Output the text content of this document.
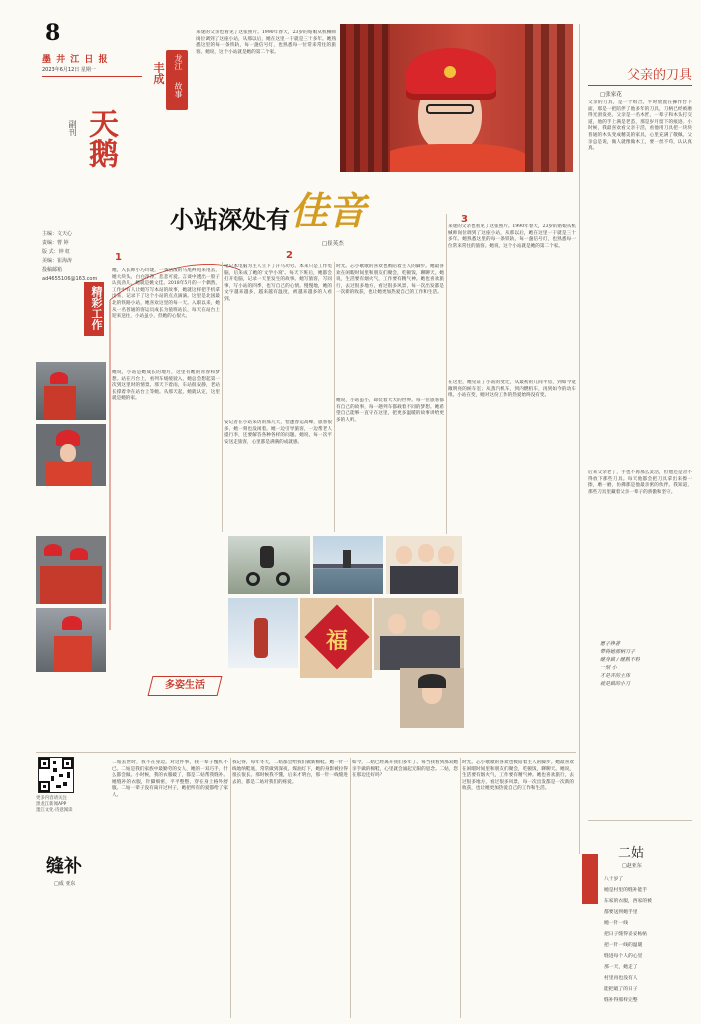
8
墨 井 江 日 报
2023年6月12日 星期一
副刊 天鹅
主编：文天心
责编：曹 婷
版 式：钟 虹
美编：崔海涛
投稿邮箱
ad4655106@163.com
精彩工作
来迷的父亲也看见了这张照片。1990年春天，23岁的姑娘从机械师岗位调到了这座小站，从那以后，她在这里一干就是三十多年。她熟悉这里的每一条铁轨，每一盏信号灯，也熟悉每一位常来常往的旅客。她说，这个小站就是她的第二个家。
丰成 龙江
故事
小站深处有佳音
□崔英杰
1	2
3
她，入长师小巧玲珑，一条活泼的马尾辫甩来甩去，她大块头，白白净净，悲悲可爱。言谈中透出一股子认真劲儿，她就是姚文佳。2018年5月的一个偶然，工作中有人让她写写本站的故事，她就这样把手机拿出来，记录下了这个小站的点点滴滴。这里是北国最北的铁路小站，她喜欢这里的每一天。入职以来，她从一名普通的客运员成长为值班站长，每天在站台上迎来送往，小站虽小，但她的心很大。
她说，小站是她成长的地方，这里有她的青春和梦想。站在月台上，看列车缓缓驶入，她总会想起第一次到这里时的情景。那天下着雨，车站很安静，老站长撑着伞在站台上等她。从那天起，她就认定，这里就是她的家。
笔记本电脑为主人立下了汗马功劳。本来只是工作电脑，后来成了她的‘文学小窝’。每天下班后，她都会打开电脑，记录一天里发生的故事。她写旅客，写同事，写小站的四季，也写自己的心情。慢慢地，她的文字越来越多，越来越有温度，被越来越多的人看到。
安记者在小站采访的那几天，恰逢春运高峰，旅客很多，她一刻也没闲着。她一边引导旅客，一边帮老人提行李，还要解答各种各样的问题。她说，每一次平安送走旅客，心里都是满满的成就感。
时光。芯小歌歌的喜欢也被陪着主人的脚步。她最喜欢在闲暇时间里和朋友们聚会，吃顿饭，聊聊天。她说，生活要有烟火气，工作要有精气神。她也喜欢旅行，去过很多地方，看过很多风景，每一次出发都是一次新的收获，也让她更加热爱自己的工作和生活。
她说，小站虽小，却装着大大的世界。每一位旅客都有自己的故事，每一趟列车都载着不同的梦想。她希望自己能够一直守在这里，把更多温暖的故事讲给更多的人听。
来迷的父亲也看见了这张照片。1990年春天，23岁的姑娘从机械师岗位调到了这座小站，从那以后，她在这里一干就是三十多年。她熟悉这里的每一条铁轨，每一盏信号灯，也熟悉每一位常来常往的旅客。她说，这个小站就是她的第二个家。
在这里，她见证了小站的变迁，从最初的几间平房，到如今宽敞明亮的候车室；从蒸汽机车，到内燃机车，再到如今的动车组。小站在变，她对这份工作的热爱始终没有变。
福
多姿生活
父亲的刀具
□张家花
父亲的刀具，是一个组合。平时放置在操作台下面，那是一把陪伴了他多年的刀具，刀柄已经被磨得光滑发亮。父亲是一名木匠，一辈子和木头打交道，他的手上满是老茧，那是岁月留下的痕迹。小时候，我最喜欢看父亲干活，看他用刀具把一块块普通的木头变成精美的家具，心里充满了敬佩。父亲总是说，做人就像做木工，要一丝不苟，认认真真。
后来父亲老了，手也不再那么灵活，但他还是舍不得放下那些刀具。每天他都会把刀具拿出来擦一擦，磨一磨，仿佛那是他最亲密的伙伴。我知道，那些刀具里藏着父亲一辈子的骄傲和坚守。
愿子挣著
带将她那柄刀子
继身做 / 继熟不料
一刻 小
才是弄的主体
就是做的小刀
更多内容请关注
黑龙江新闻APP
墨江文化·诗意阅读
缝补
□成 亚东
二姑去世时，我不在身边。对这件事，我一辈子愧疚不已。二姑是我们家族中最勤劳的女人，她的一双巧手，什么都会做。小时候，我的衣服破了，都是二姑帮我缝补。她缝补的衣服，针脚细密，平平整整，穿在身上格外舒服。二姑一辈子没有离开过村子，她把所有的爱都给了家人。
我记得，每年冬天，二姑都会给我们做新棉鞋。她一针一线地纳鞋底，常常做到深夜。煤油灯下，她的身影被拉得很长很长。那时候我不懂，后来才明白，那一针一线缝进去的，都是二姑对我们的疼爱。
如今，二姑已经离开我们多年了。每当我看到那双她亲手做的棉鞋，心里就会涌起无限的思念。二姑，您在那边还好吗？
时光。芯小歌歌的喜欢也被陪着主人的脚步。她最喜欢在闲暇时间里和朋友们聚会，吃顿饭，聊聊天。她说，生活要有烟火气，工作要有精气神。她也喜欢旅行，去过很多地方，看过很多风景，每一次出发都是一次新的收获，也让她更加热爱自己的工作和生活。
二姑
□赵亚东
八十岁了
她是村里的缝补能手
东家的衣服，西家的被
都要送到她手里
她一针一线
把日子缝得妥妥帖帖
把一针一线的温暖
缝进每个人的心里
那一天，她走了
村里再也没有人
能把破了的日子
缝补得那样完整
